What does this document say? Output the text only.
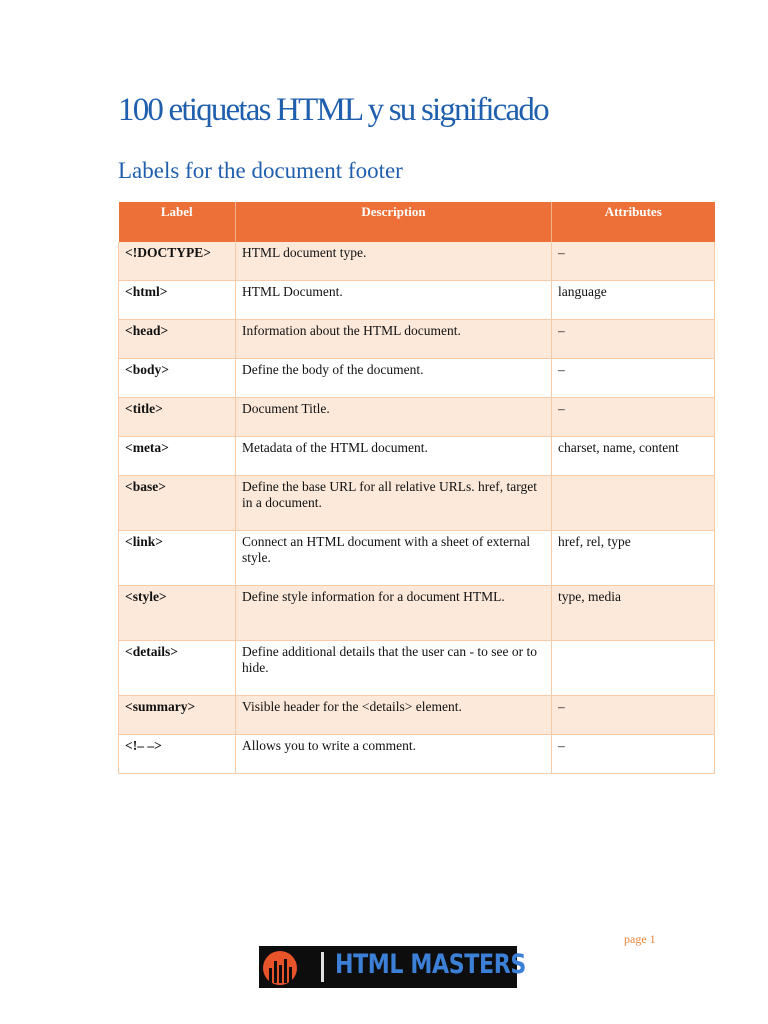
100 etiquetas HTML y su significado
Labels for the document footer
Label	Description	Attributes
<!DOCTYPE>	HTML document type.	–
<html>	HTML Document.	language
<head>	Information about the HTML document.	–
<body>	Define the body of the document.	–
<title>	Document Title.	–
<meta>	Metadata of the HTML document.	charset, name, content
<base>	Define the base URL for all relative URLs. href, target in a document.	
<link>	Connect an HTML document with a sheet of external style.	href, rel, type
<style>	Define style information for a document HTML.	type, media
<details>	Define additional details that the user can - to see or to hide.	
<summary>	Visible header for the <details> element.	–
<!– –>	Allows you to write a comment.	–
page 1
HTML MASTERS
